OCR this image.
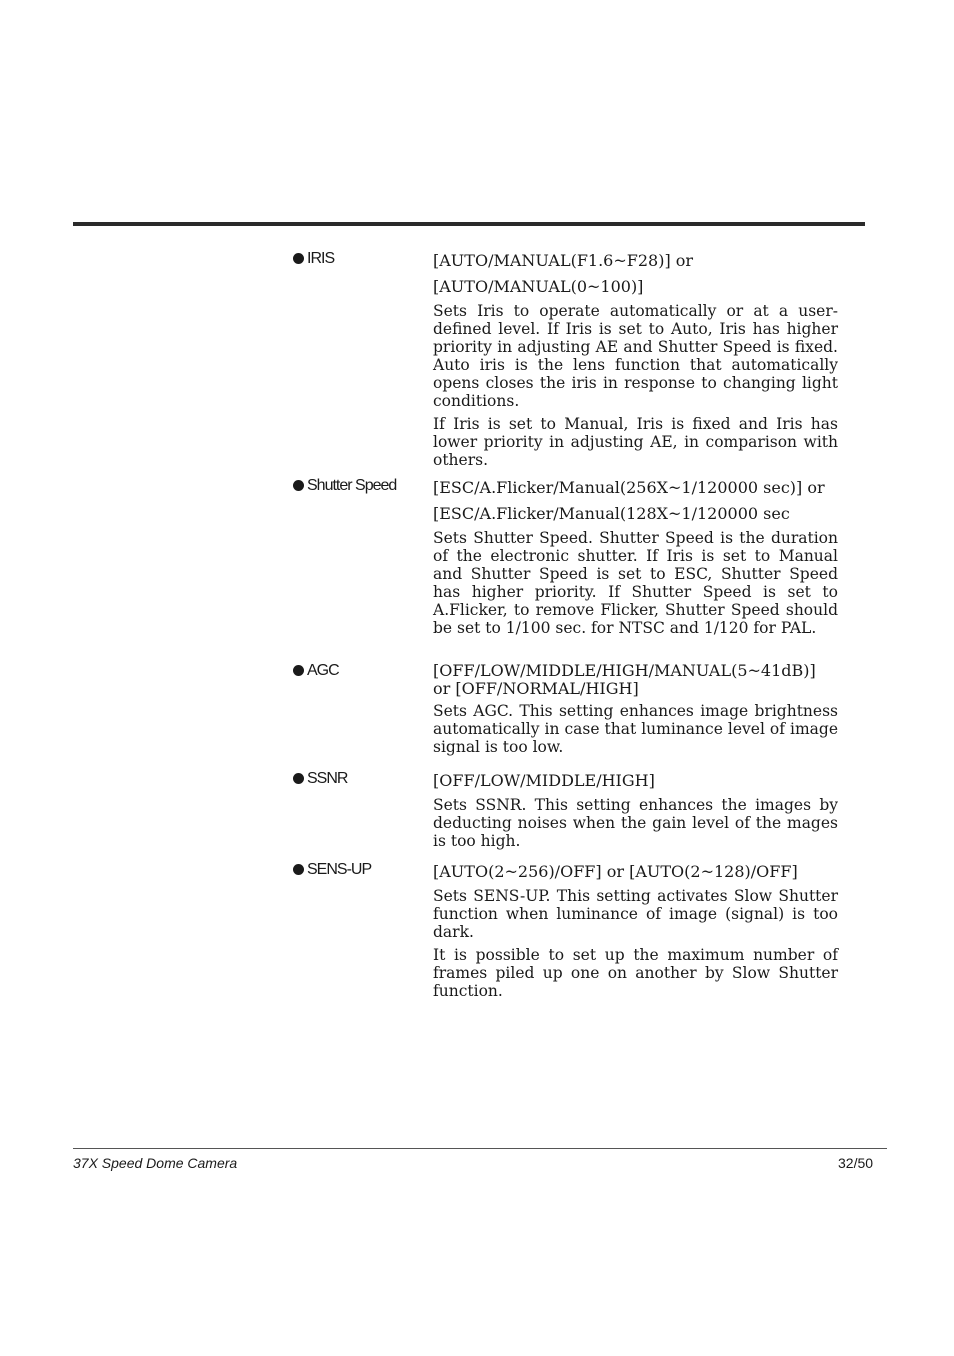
IRIS	[AUTO/MANUAL(F1.6~F28)] or
[AUTO/MANUAL(0~100)]
Sets Iris to operate automatically or at a user-defined level. If Iris is set to Auto, Iris has higher priority in adjusting AE and Shutter Speed is fixed. Auto iris is the lens function that automatically opens closes the iris in response to changing light conditions.
If Iris is set to Manual, Iris is fixed and Iris has lower priority in adjusting AE, in comparison with others.
Shutter Speed [ESC/A.Flicker/Manual(256X~1/120000 sec)] or
[ESC/A.Flicker/Manual(128X~1/120000 sec
Sets Shutter Speed. Shutter Speed is the duration of the electronic shutter. If Iris is set to Manual and Shutter Speed is set to ESC, Shutter Speed has higher priority. If Shutter Speed is set to A.Flicker, to remove Flicker, Shutter Speed should be set to 1/100 sec. for NTSC and 1/120 for PAL.
AGC	[OFF/LOW/MIDDLE/HIGH/MANUAL(5~41dB)] or [OFF/NORMAL/HIGH]
Sets AGC. This setting enhances image brightness automatically in case that luminance level of image signal is too low.
SSNR	[OFF/LOW/MIDDLE/HIGH]
Sets SSNR. This setting enhances the images by deducting noises when the gain level of the mages is too high.
SENS-UP	[AUTO(2~256)/OFF] or [AUTO(2~128)/OFF]
Sets SENS-UP. This setting activates Slow Shutter function when luminance of image (signal) is too dark.
It is possible to set up the maximum number of frames piled up one on another by Slow Shutter function.
37X Speed Dome Camera	32/50
